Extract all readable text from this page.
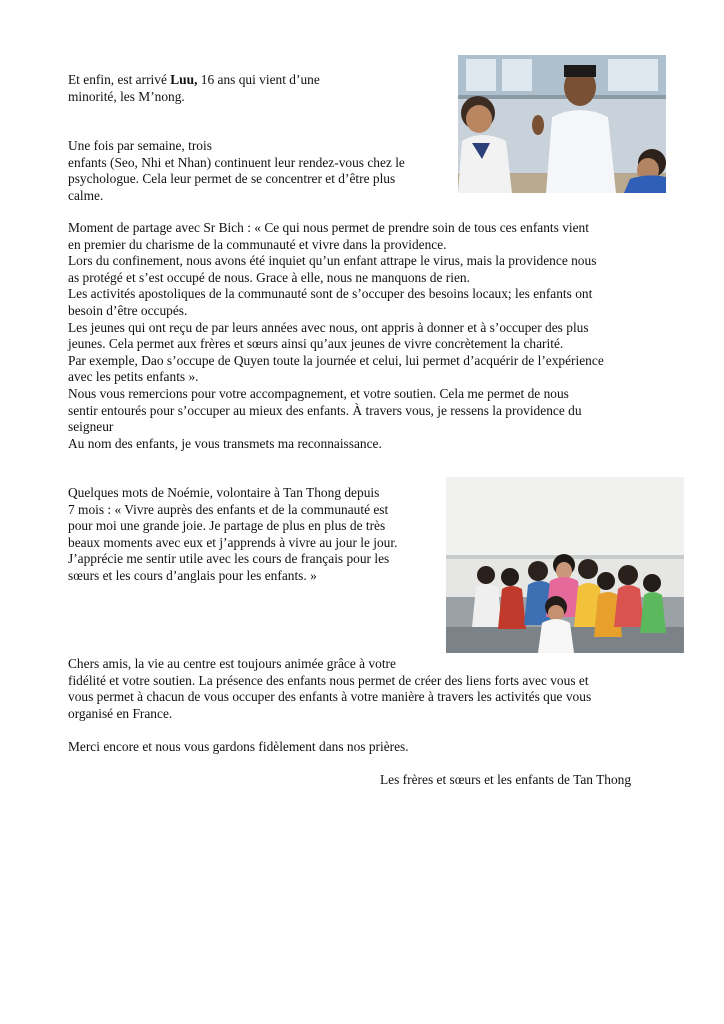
Et enfin, est arrivé Luu, 16 ans qui vient d’une
minorité, les M’nong.

Une fois par semaine, trois
enfants (Seo, Nhi et Nhan) continuent leur rendez-vous chez le
psychologue. Cela leur permet de se concentrer et d’être plus
calme.

Moment de partage avec Sr Bich : « Ce qui nous permet de prendre soin de tous ces enfants vient
en premier du charisme de la communauté et vivre dans la providence.
Lors du confinement, nous avons été inquiet qu’un enfant attrape le virus, mais la providence nous
as protégé et s’est occupé de nous. Grace à elle, nous ne manquons de rien.
Les activités apostoliques de la communauté sont de s’occuper des besoins locaux; les enfants ont
besoin d’être occupés.
Les jeunes qui ont reçu de par leurs années avec nous, ont appris à donner et à s’occuper des plus
jeunes. Cela permet aux frères et sœurs ainsi qu’aux jeunes de vivre concrètement la charité.
Par exemple, Dao s’occupe de Quyen toute la journée et celui, lui permet d’acquérir de l’expérience
avec les petits enfants ».
Nous vous remercions pour votre accompagnement, et votre soutien. Cela me permet de nous
sentir entourés pour s’occuper au mieux des enfants. À travers vous, je ressens la providence du
seigneur
Au nom des enfants, je vous transmets ma reconnaissance.

Quelques mots de Noémie, volontaire à Tan Thong depuis
7 mois : « Vivre auprès des enfants et de la communauté est
pour moi une grande joie. Je partage de plus en plus de très
beaux moments avec eux et j’apprends à vivre au jour le jour.
J’apprécie me sentir utile avec les cours de français pour les
sœurs et les cours d’anglais pour les enfants. »

Chers amis, la vie au centre est toujours animée grâce à votre
fidélité et votre soutien. La présence des enfants nous permet de créer des liens forts avec vous et
vous permet à chacun de vous occuper des enfants à votre manière à travers les activités que vous
organisé en France.

Merci encore et nous vous gardons fidèlement dans nos prières.

Les frères et sœurs et les enfants de Tan Thong
